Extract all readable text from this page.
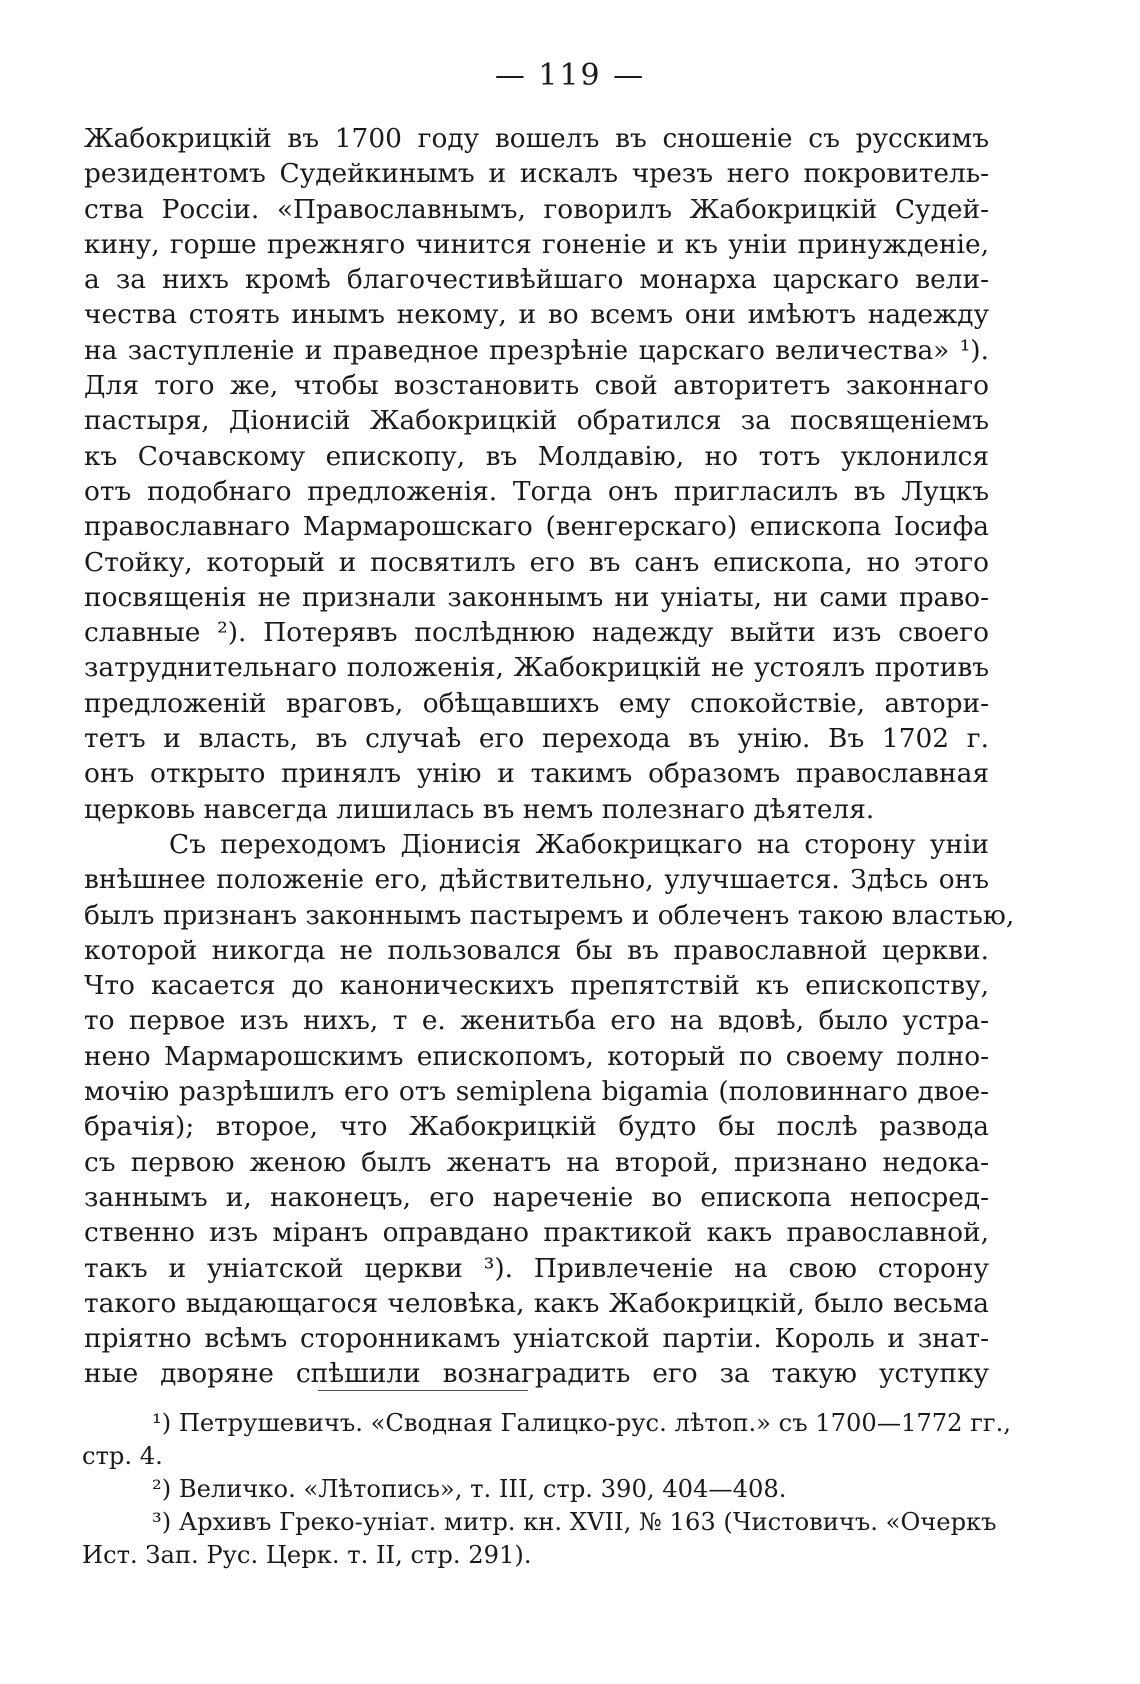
— 119 —
Жабокрицкій въ 1700 году вошелъ въ сношеніе съ русскимъ
резидентомъ Судейкинымъ и искалъ чрезъ него покровитель-
ства Россіи. «Православнымъ, говорилъ Жабокрицкій Судей-
кину, горше прежняго чинится гоненіе и къ уніи принужденіе,
а за нихъ кромѣ благочестивѣйшаго монарха царскаго вели-
чества стоять инымъ некому, и во всемъ они имѣютъ надежду
на заступленіе и праведное презрѣніе царскаго величества» ¹).
Для того же, чтобы возстановить свой авторитетъ законнаго
пастыря, Діонисій Жабокрицкій обратился за посвященіемъ
къ Сочавскому епископу, въ Молдавію, но тотъ уклонился
отъ подобнаго предложенія. Тогда онъ пригласилъ въ Луцкъ
православнаго Мармарошскаго (венгерскаго) епископа Іосифа
Стойку, который и посвятилъ его въ санъ епископа, но этого
посвященія не признали законнымъ ни уніаты, ни сами право-
славные ²). Потерявъ послѣднюю надежду выйти изъ своего
затруднительнаго положенія, Жабокрицкій не устоялъ противъ
предложеній враговъ, обѣщавшихъ ему спокойствіе, автори-
тетъ и власть, въ случаѣ его перехода въ унію. Въ 1702 г.
онъ открыто принялъ унію и такимъ образомъ православная
церковь навсегда лишилась въ немъ полезнаго дѣятеля.
Съ переходомъ Діонисія Жабокрицкаго на сторону уніи
внѣшнее положеніе его, дѣйствительно, улучшается. Здѣсь онъ
былъ признанъ законнымъ пастыремъ и облеченъ такою властью,
которой никогда не пользовался бы въ православной церкви.
Что касается до каноническихъ препятствій къ епископству,
то первое изъ нихъ, т е. женитьба его на вдовѣ, было устра-
нено Мармарошскимъ епископомъ, который по своему полно-
мочію разрѣшилъ его отъ semiplena bigamia (половиннаго двое-
брачія); второе, что Жабокрицкій будто бы послѣ развода
съ первою женою былъ женатъ на второй, признано недока-
заннымъ и, наконецъ, его нареченіе во епископа непосред-
ственно изъ міранъ оправдано практикой какъ православной,
такъ и уніатской церкви ³). Привлеченіе на свою сторону
такого выдающагося человѣка, какъ Жабокрицкій, было весьма
пріятно всѣмъ сторонникамъ уніатской партіи. Король и знат-
ные дворяне спѣшили вознаградить его за такую уступку
¹) Петрушевичъ. «Сводная Галицко-рус. лѣтоп.» съ 1700—1772 гг.,
стр. 4.
²) Величко. «Лѣтопись», т. III, стр. 390, 404—408.
³) Архивъ Греко-уніат. митр. кн. XVII, № 163 (Чистовичъ. «Очеркъ
Ист. Зап. Рус. Церк. т. II, стр. 291).
